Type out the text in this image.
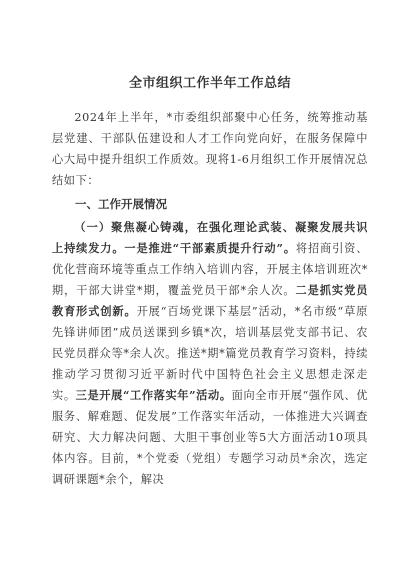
全市组织工作半年工作总结

2024年上半年，*市委组织部聚中心任务，统筹推动基层党建、干部队伍建设和人才工作向党向好，在服务保障中心大局中提升组织工作质效。现将1-6月组织工作开展情况总结如下：

一、工作开展情况

（一）聚焦凝心铸魂，在强化理论武装、凝聚发展共识上持续发力。一是推进“干部素质提升行动”。将招商引资、优化营商环境等重点工作纳入培训内容，开展主体培训班次*期，干部大讲堂*期，覆盖党员干部*余人次。二是抓实党员教育形式创新。开展“百场党课下基层”活动，*名市级“草原先锋讲师团”成员送课到乡镇*次，培训基层党支部书记、农民党员群众等*余人次。推送*期*篇党员教育学习资料，持续推动学习贯彻习近平新时代中国特色社会主义思想走深走实。三是开展“工作落实年”活动。面向全市开展“强作风、优服务、解难题、促发展”工作落实年活动，一体推进大兴调查研究、大力解决问题、大胆干事创业等5大方面活动10项具体内容。目前，*个党委（党组）专题学习动员*余次，选定调研课题*余个，解决
